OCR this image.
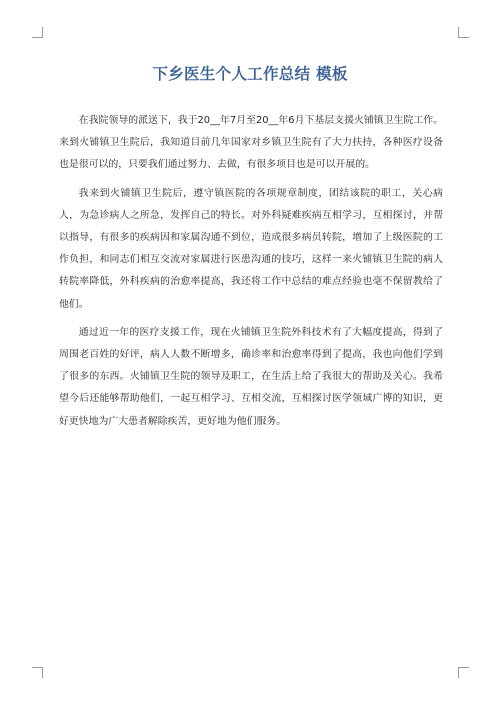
下乡医生个人工作总结 模板

在我院领导的派送下，我于20__年7月至20__年6月下基层支援火铺镇卫生院工作。来到火铺镇卫生院后，我知道目前几年国家对乡镇卫生院有了大力扶持，各种医疗设备也是很可以的，只要我们通过努力、去做，有很多项目也是可以开展的。

我来到火铺镇卫生院后，遵守镇医院的各项规章制度，团结该院的职工，关心病人，为急诊病人之所急，发挥自己的特长。对外科疑难疾病互相学习，互相探讨，并帮以指导，有很多的疾病因和家属沟通不到位，造成很多病员转院，增加了上级医院的工作负担，和同志们相互交流对家属进行医患沟通的技巧，这样一来火铺镇卫生院的病人转院率降低，外科疾病的治愈率提高，我还将工作中总结的难点经验也毫不保留教给了他们。

通过近一年的医疗支援工作，现在火铺镇卫生院外科技术有了大幅度提高，得到了周围老百姓的好评，病人人数不断增多，确诊率和治愈率得到了提高，我也向他们学到了很多的东西。火铺镇卫生院的领导及职工，在生活上给了我很大的帮助及关心。我希望今后还能够帮助他们，一起互相学习、互相交流，互相探讨医学领域广博的知识，更好更快地为广大患者解除疾苦，更好地为他们服务。
